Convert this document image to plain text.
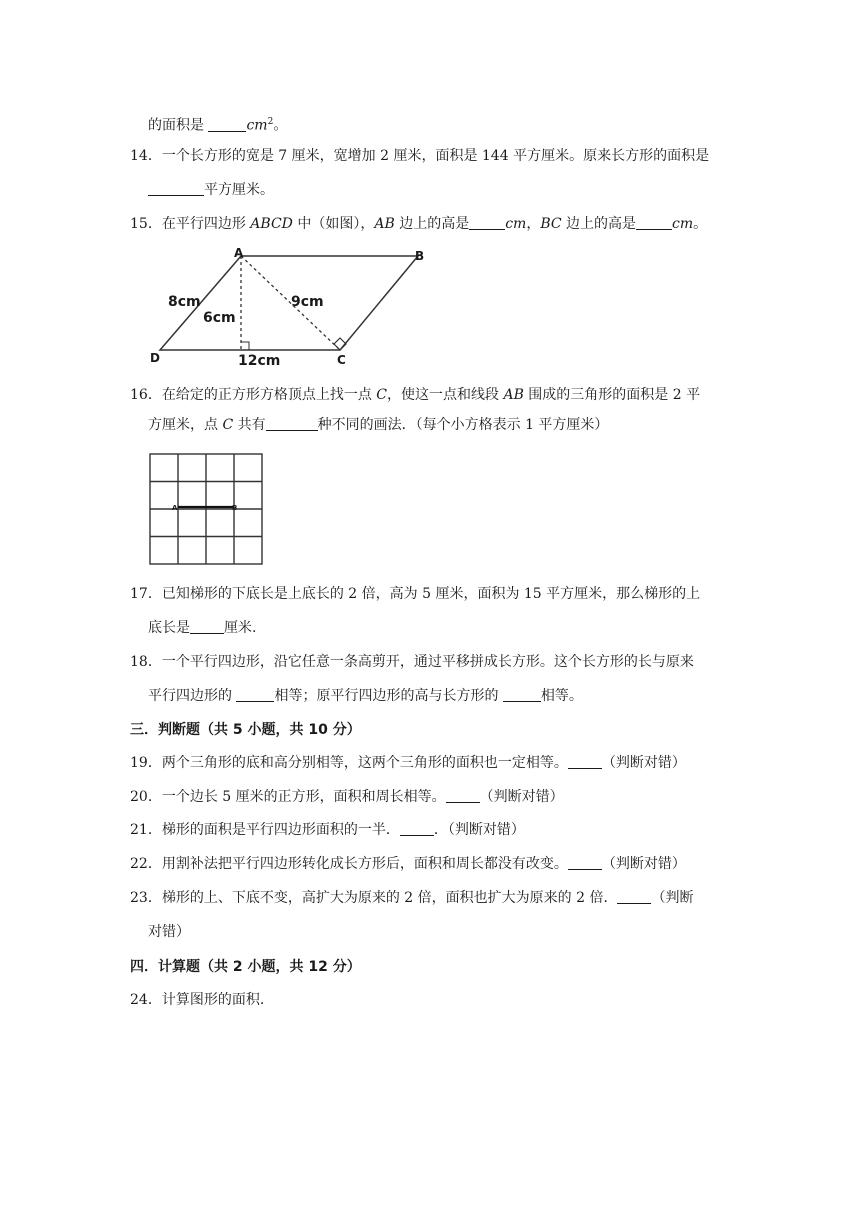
的面积是	$cm^2$。
14．一个长方形的宽是 7 厘米，宽增加 2 厘米，面积是 144 平方厘米。原来长方形的面积是
平方厘米。
15．在平行四边形 ABCD 中（如图），AB 边上的高是	cm，BC 边上的高是	cm。
A	B
C
D
8cm
6cm
9cm
12cm
16．在给定的正方形方格顶点上找一点 C，使这一点和线段 AB 围成的三角形的面积是 2 平
方厘米，点 C 共有	种不同的画法．（每个小方格表示 1 平方厘米）
A	B
17．已知梯形的下底长是上底长的 2 倍，高为 5 厘米，面积为 15 平方厘米，那么梯形的上
底长是 厘米.
18．一个平行四边形，沿它任意一条高剪开，通过平移拼成长方形。这个长方形的长与原来
平行四边形的	相等；原平行四边形的高与长方形的	相等。
三．判断题（共 5 小题，共 10 分）
19．两个三角形的底和高分别相等，这两个三角形的面积也一定相等。 （判断对错）
20．一个边长 5 厘米的正方形，面积和周长相等。 （判断对错）
21．梯形的面积是平行四边形面积的一半． ．（判断对错）
22．用割补法把平行四边形转化成长方形后，面积和周长都没有改变。 （判断对错）
23．梯形的上、下底不变，高扩大为原来的 2 倍，面积也扩大为原来的 2 倍． （判断
对错）
四．计算题（共 2 小题，共 12 分）
24．计算图形的面积.
